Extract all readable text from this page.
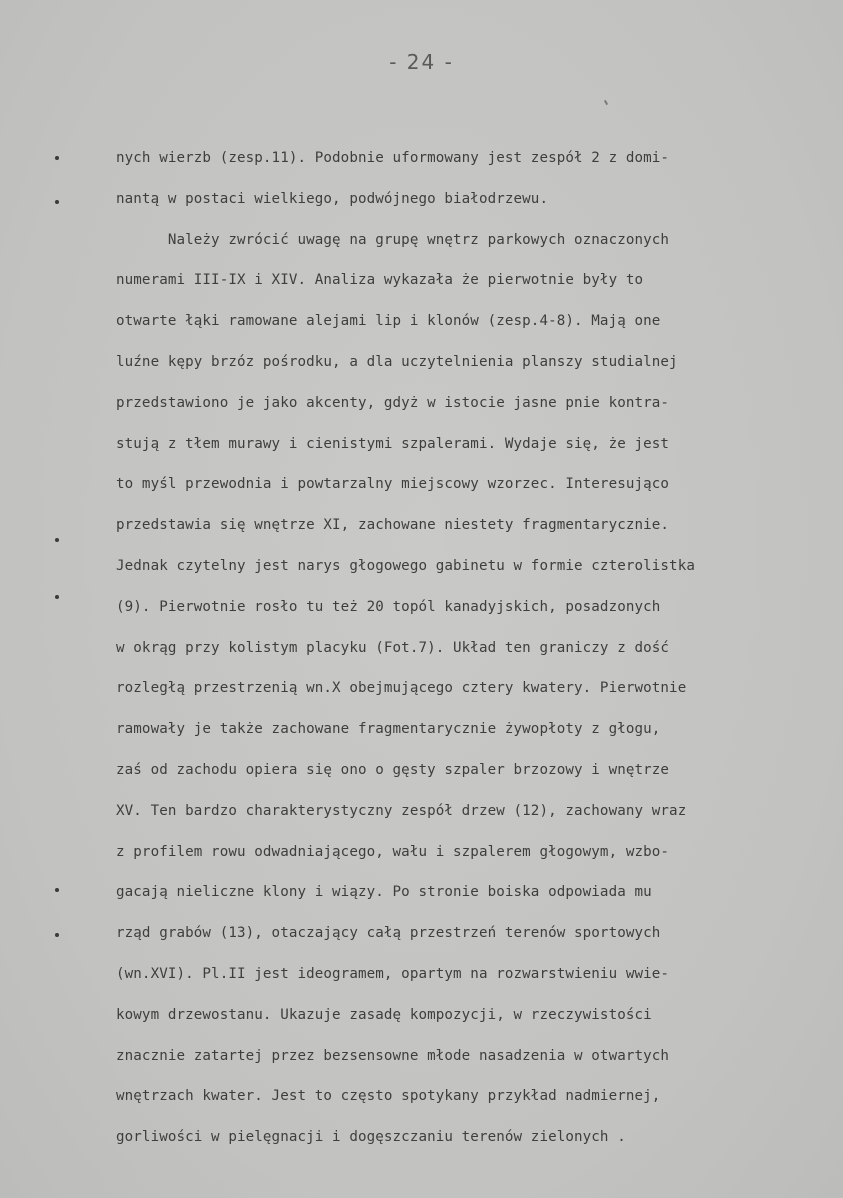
- 24 -
nych wierzb (zesp.11). Podobnie uformowany jest zespół 2 z domi-
nantą w postaci wielkiego, podwójnego białodrzewu.
Należy zwrócić uwagę na grupę wnętrz parkowych oznaczonych
numerami III-IX i XIV. Analiza wykazała że pierwotnie były to
otwarte łąki ramowane alejami lip i klonów (zesp.4-8). Mają one
luźne kępy brzóz pośrodku, a dla uczytelnienia planszy studialnej
przedstawiono je jako akcenty, gdyż w istocie jasne pnie kontra-
stują z tłem murawy i cienistymi szpalerami. Wydaje się, że jest
to myśl przewodnia i powtarzalny miejscowy wzorzec. Interesująco
przedstawia się wnętrze XI, zachowane niestety fragmentarycznie.
Jednak czytelny jest narys głogowego gabinetu w formie czterolistka
(9). Pierwotnie rosło tu też 20 topól kanadyjskich, posadzonych
w okrąg przy kolistym placyku (Fot.7). Układ ten graniczy z dość
rozległą przestrzenią wn.X obejmującego cztery kwatery. Pierwotnie
ramowały je także zachowane fragmentarycznie żywopłoty z głogu,
zaś od zachodu opiera się ono o gęsty szpaler brzozowy i wnętrze
XV. Ten bardzo charakterystyczny zespół drzew (12), zachowany wraz
z profilem rowu odwadniającego, wału i szpalerem głogowym, wzbo-
gacają nieliczne klony i wiązy. Po stronie boiska odpowiada mu
rząd grabów (13), otaczający całą przestrzeń terenów sportowych
(wn.XVI). Pl.II jest ideogramem, opartym na rozwarstwieniu wwie-
kowym drzewostanu. Ukazuje zasadę kompozycji, w rzeczywistości
znacznie zatartej przez bezsensowne młode nasadzenia w otwartych
wnętrzach kwater. Jest to często spotykany przykład nadmiernej,
gorliwości w pielęgnacji i dogęszczaniu terenów zielonych .
